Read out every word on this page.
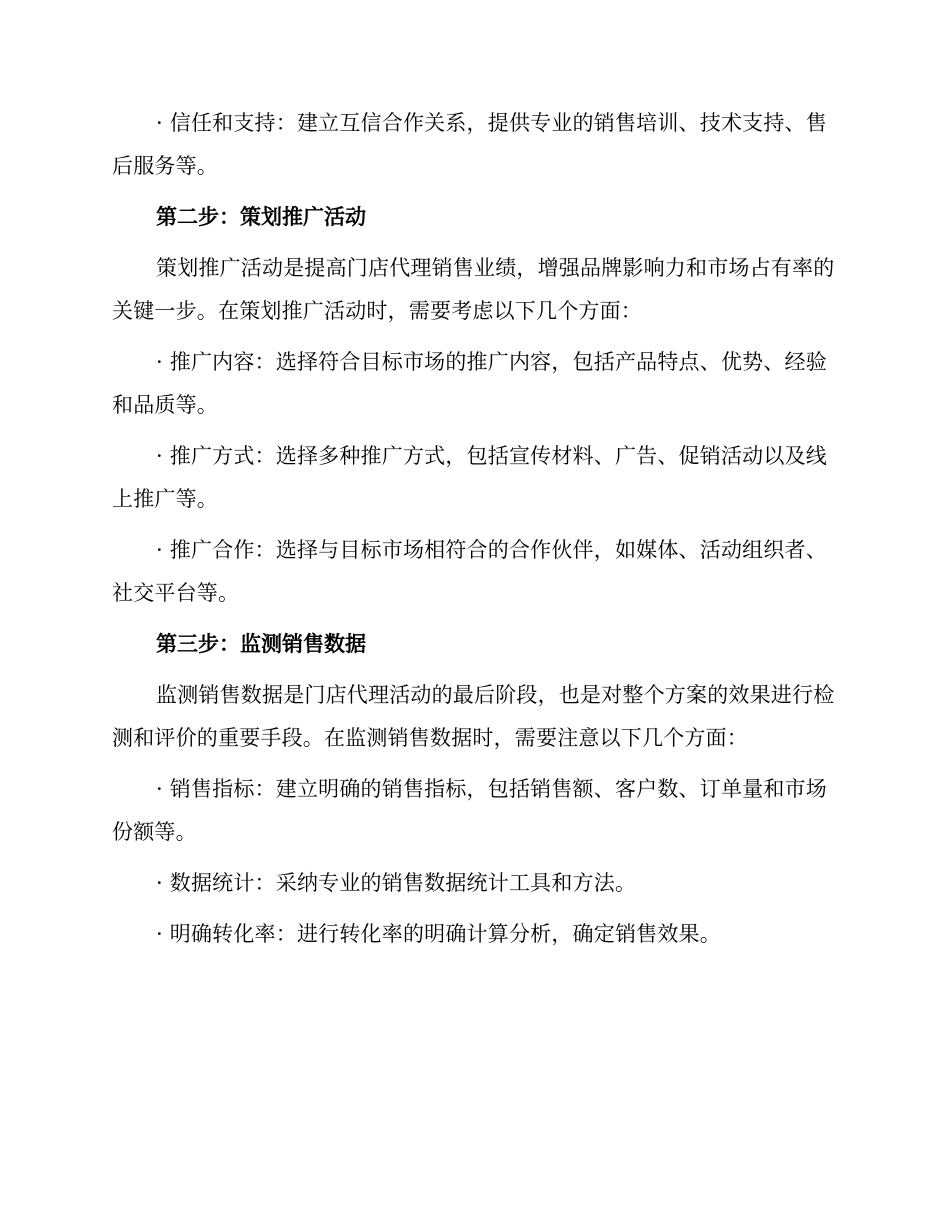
· 信任和支持：建立互信合作关系，提供专业的销售培训、技术支持、售后服务等。

第二步：策划推广活动

策划推广活动是提高门店代理销售业绩，增强品牌影响力和市场占有率的关键一步。在策划推广活动时，需要考虑以下几个方面：

· 推广内容：选择符合目标市场的推广内容，包括产品特点、优势、经验和品质等。

· 推广方式：选择多种推广方式，包括宣传材料、广告、促销活动以及线上推广等。

· 推广合作：选择与目标市场相符合的合作伙伴，如媒体、活动组织者、社交平台等。

第三步：监测销售数据

监测销售数据是门店代理活动的最后阶段，也是对整个方案的效果进行检测和评价的重要手段。在监测销售数据时，需要注意以下几个方面：

· 销售指标：建立明确的销售指标，包括销售额、客户数、订单量和市场份额等。

· 数据统计：采纳专业的销售数据统计工具和方法。

· 明确转化率：进行转化率的明确计算分析，确定销售效果。
